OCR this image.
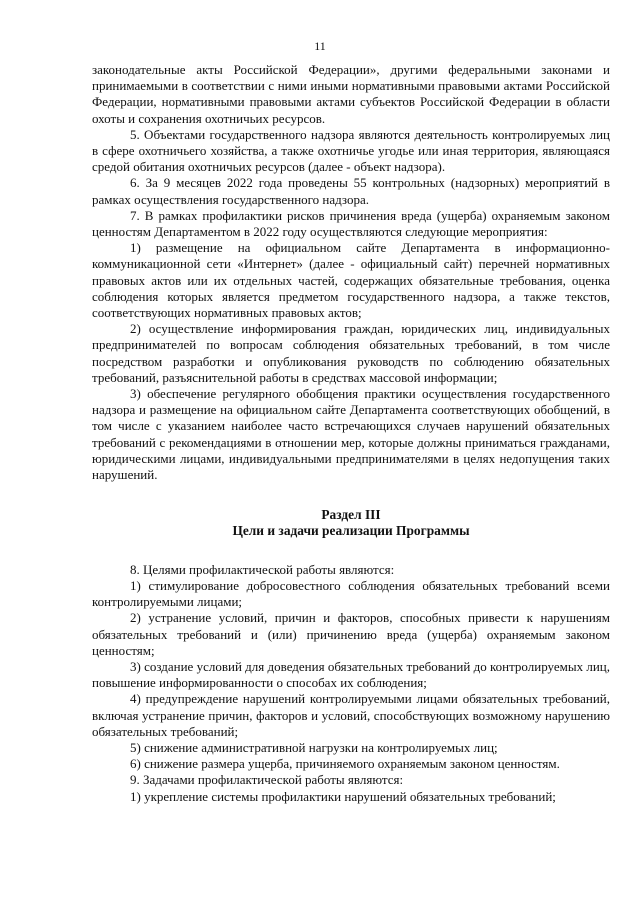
11

законодательные акты Российской Федерации», другими федеральными законами и принимаемыми в соответствии с ними иными нормативными правовыми актами Российской Федерации, нормативными правовыми актами субъектов Российской Федерации в области охоты и сохранения охотничьих ресурсов.

5. Объектами государственного надзора являются деятельность контролируемых лиц в сфере охотничьего хозяйства, а также охотничье угодье или иная территория, являющаяся средой обитания охотничьих ресурсов (далее - объект надзора).

6. За 9 месяцев 2022 года проведены 55 контрольных (надзорных) мероприятий в рамках осуществления государственного надзора.

7. В рамках профилактики рисков причинения вреда (ущерба) охраняемым законом ценностям Департаментом в 2022 году осуществляются следующие мероприятия:

1) размещение на официальном сайте Департамента в информационно-коммуникационной сети «Интернет» (далее - официальный сайт) перечней нормативных правовых актов или их отдельных частей, содержащих обязательные требования, оценка соблюдения которых является предметом государственного надзора, а также текстов, соответствующих нормативных правовых актов;

2) осуществление информирования граждан, юридических лиц, индивидуальных предпринимателей по вопросам соблюдения обязательных требований, в том числе посредством разработки и опубликования руководств по соблюдению обязательных требований, разъяснительной работы в средствах массовой информации;

3) обеспечение регулярного обобщения практики осуществления государственного надзора и размещение на официальном сайте Департамента соответствующих обобщений, в том числе с указанием наиболее часто встречающихся случаев нарушений обязательных требований с рекомендациями в отношении мер, которые должны приниматься гражданами, юридическими лицами, индивидуальными предпринимателями в целях недопущения таких нарушений.

Раздел III

Цели и задачи реализации Программы

8. Целями профилактической работы являются:

1) стимулирование добросовестного соблюдения обязательных требований всеми контролируемыми лицами;

2) устранение условий, причин и факторов, способных привести к нарушениям обязательных требований и (или) причинению вреда (ущерба) охраняемым законом ценностям;

3) создание условий для доведения обязательных требований до контролируемых лиц, повышение информированности о способах их соблюдения;

4) предупреждение нарушений контролируемыми лицами обязательных требований, включая устранение причин, факторов и условий, способствующих возможному нарушению обязательных требований;

5) снижение административной нагрузки на контролируемых лиц;

6) снижение размера ущерба, причиняемого охраняемым законом ценностям.

9. Задачами профилактической работы являются:

1) укрепление системы профилактики нарушений обязательных требований;
